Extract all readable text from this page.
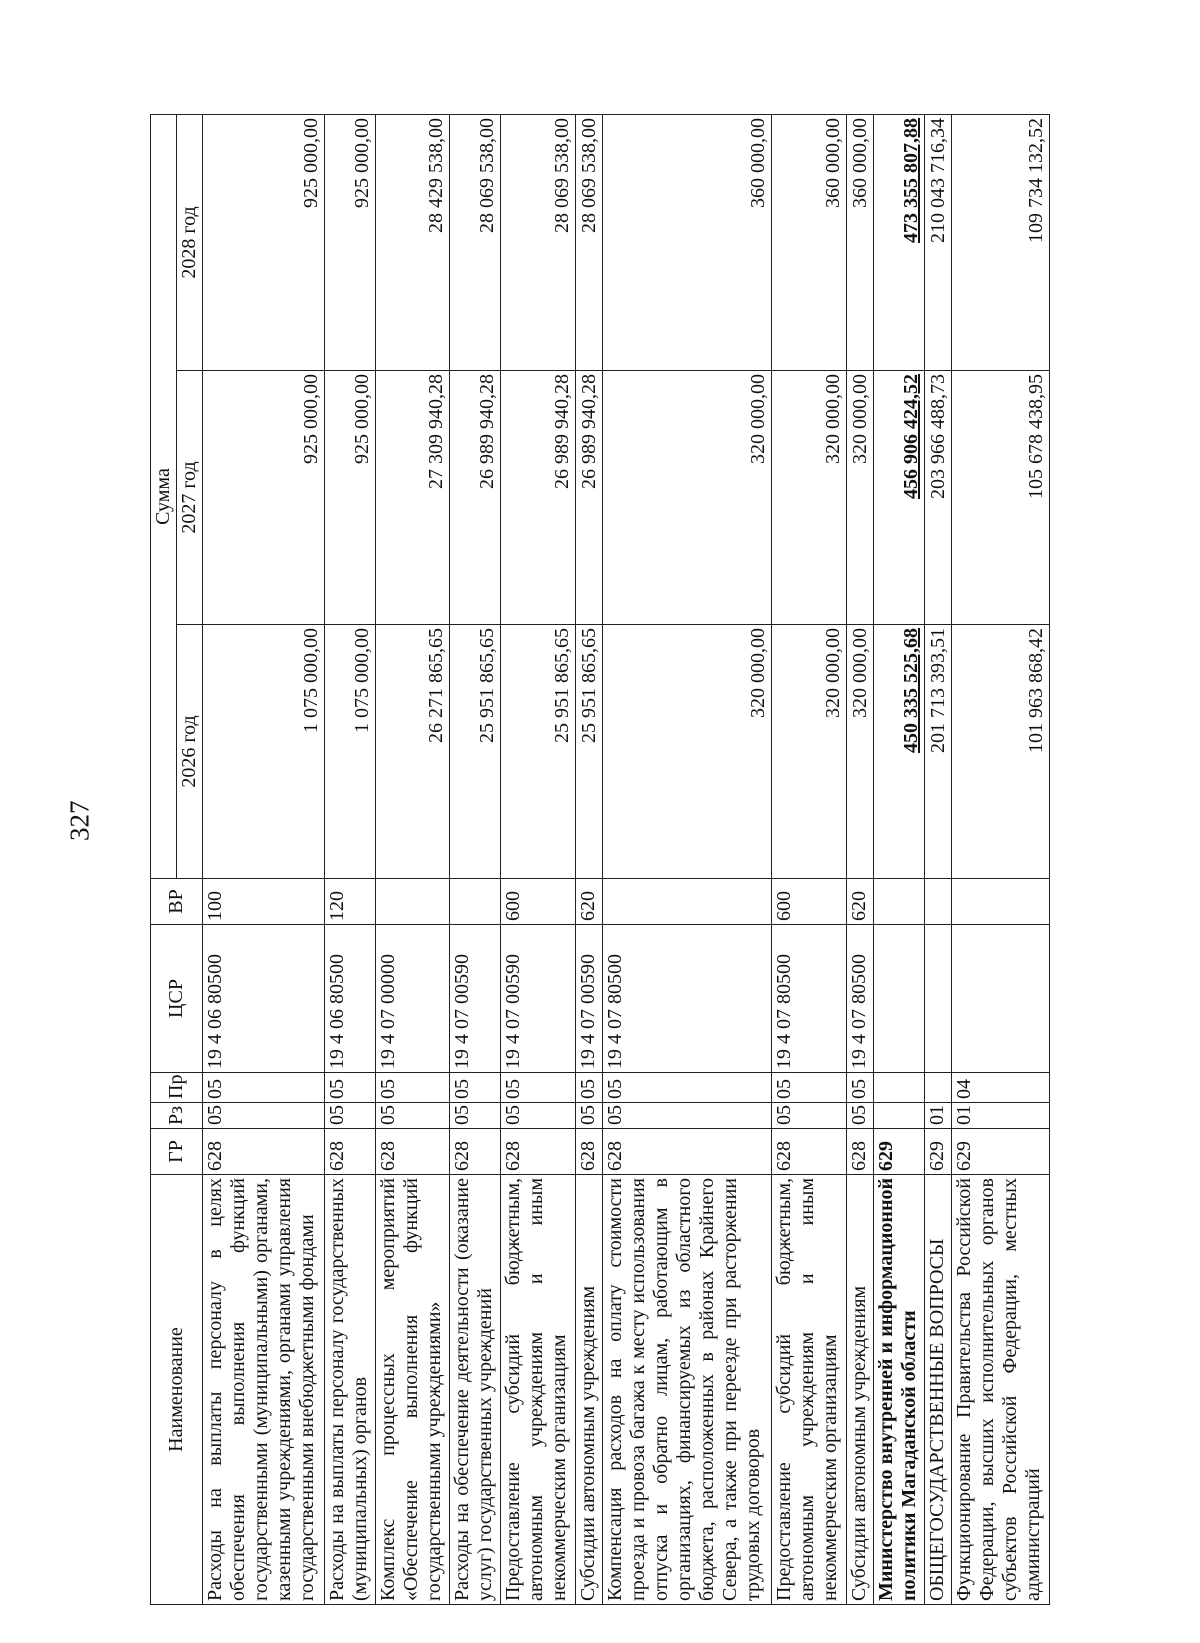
327
Наименование	ГР	Рз	Пр	ЦСР	ВР	Сумма		
						2026 год	2027 год	2028 год
Расходы на выплаты персоналу в целях обеспечения выполнения функций государственными (муниципальными) органами, казенными учреждениями, органами управления государственными внебюджетными фондами	628	05	05	19 4 06 80500	100	1 075 000,00	925 000,00	925 000,00
Расходы на выплаты персоналу государственных (муниципальных) органов	628	05	05	19 4 06 80500	120	1 075 000,00	925 000,00	925 000,00
Комплекс процессных мероприятий «Обеспечение выполнения функций государственными учреждениями»	628	05	05	19 4 07 00000		26 271 865,65	27 309 940,28	28 429 538,00
Расходы на обеспечение деятельности (оказание услуг) государственных учреждений	628	05	05	19 4 07 00590		25 951 865,65	26 989 940,28	28 069 538,00
Предоставление субсидий бюджетным, автономным учреждениям и иным некоммерческим организациям	628	05	05	19 4 07 00590	600	25 951 865,65	26 989 940,28	28 069 538,00
Субсидии автономным учреждениям	628	05	05	19 4 07 00590	620	25 951 865,65	26 989 940,28	28 069 538,00
Компенсация расходов на оплату стоимости проезда и провоза багажа к месту использования отпуска и обратно лицам, работающим в организациях, финансируемых из областного бюджета, расположенных в районах Крайнего Севера, а также при переезде при расторжении трудовых договоров	628	05	05	19 4 07 80500		320 000,00	320 000,00	360 000,00
Предоставление субсидий бюджетным, автономным учреждениям и иным некоммерческим организациям	628	05	05	19 4 07 80500	600	320 000,00	320 000,00	360 000,00
Субсидии автономным учреждениям	628	05	05	19 4 07 80500	620	320 000,00	320 000,00	360 000,00
Министерство внутренней и информационной политики Магаданской области	629					450 335 525,68	456 906 424,52	473 355 807,88
ОБЩЕГОСУДАРСТВЕННЫЕ ВОПРОСЫ	629	01				201 713 393,51	203 966 488,73	210 043 716,34
Функционирование Правительства Российской Федерации, высших исполнительных органов субъектов Российской Федерации, местных администраций	629	01	04			101 963 868,42	105 678 438,95	109 734 132,52
